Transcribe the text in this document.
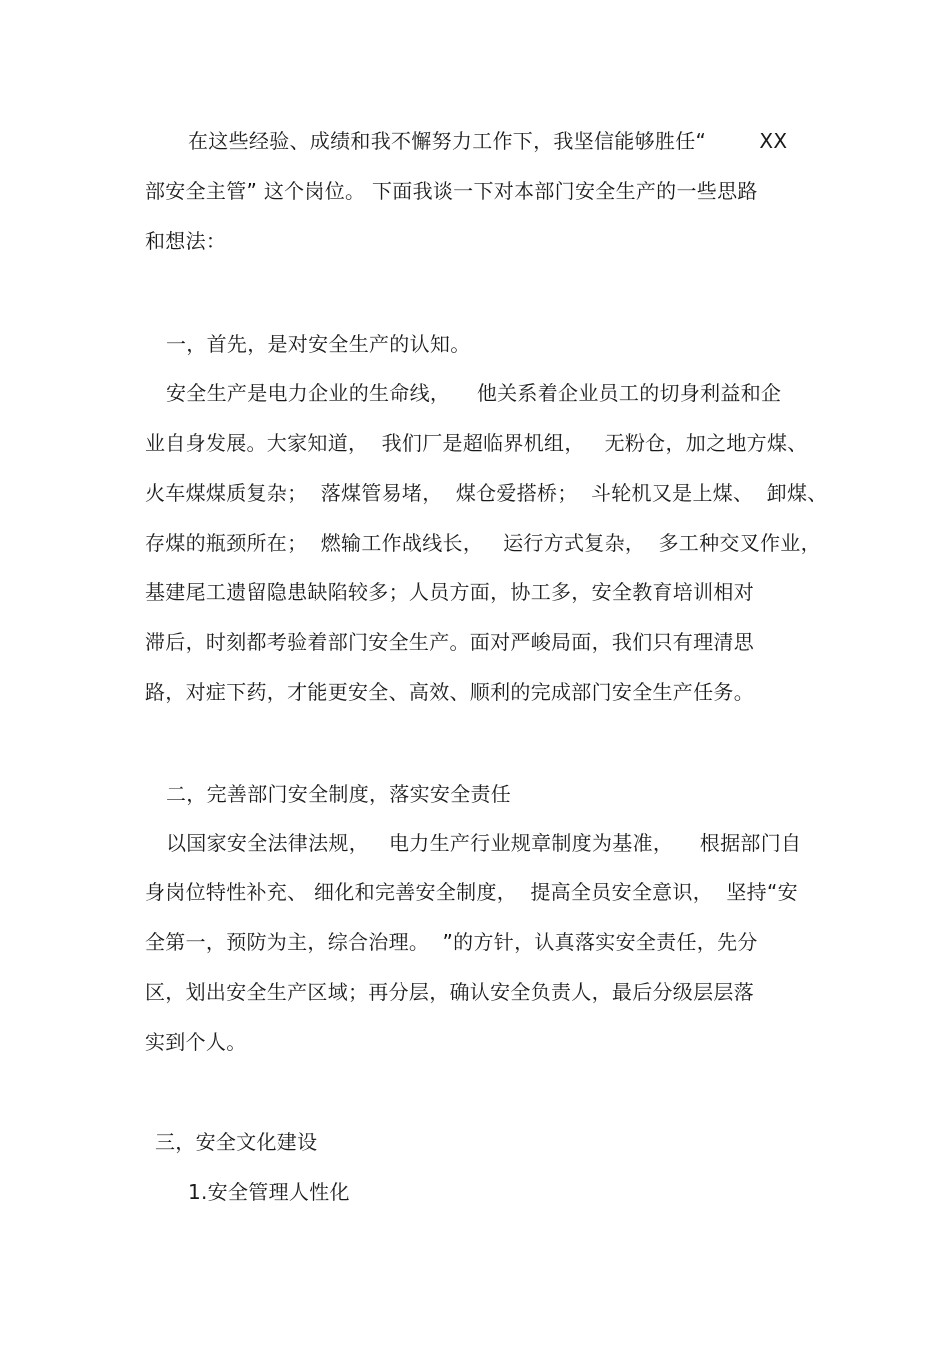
在这些经验、成绩和我不懈努力工作下，我坚信能够胜任“        XX
部安全主管” 这个岗位。 下面我谈一下对本部门安全生产的一些思路
和想法：
一，首先，是对安全生产的认知。
安全生产是电力企业的生命线，    他关系着企业员工的切身利益和企
业自身发展。大家知道，  我们厂是超临界机组，   无粉仓，加之地方煤、
火车煤煤质复杂；  落煤管易堵，  煤仓爱搭桥；  斗轮机又是上煤、  卸煤、
存煤的瓶颈所在；  燃输工作战线长，   运行方式复杂，  多工种交叉作业，
基建尾工遗留隐患缺陷较多；人员方面，协工多，安全教育培训相对
滞后，时刻都考验着部门安全生产。面对严峻局面，我们只有理清思
路，对症下药，才能更安全、高效、顺利的完成部门安全生产任务。
二，完善部门安全制度，落实安全责任
以国家安全法律法规，   电力生产行业规章制度为基准，    根据部门自
身岗位特性补充、 细化和完善安全制度，  提高全员安全意识，  坚持“安
全第一，预防为主，综合治理。  ”的方针，认真落实安全责任，先分
区，划出安全生产区域；再分层，确认安全负责人，最后分级层层落
实到个人。
三，安全文化建设
1.安全管理人性化
